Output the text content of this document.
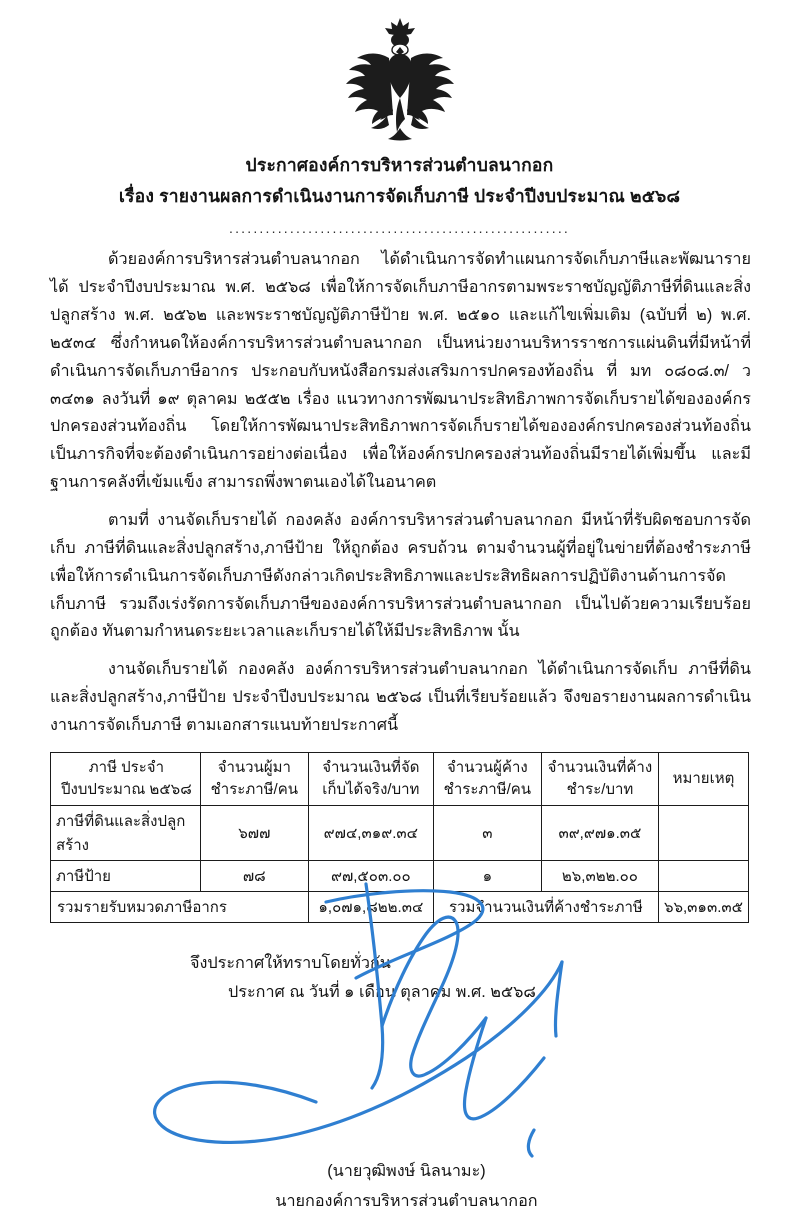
ประกาศองค์การบริหารส่วนตำบลนากอก
เรื่อง รายงานผลการดำเนินงานการจัดเก็บภาษี ประจำปีงบประมาณ ๒๕๖๘
........................................................

ด้วยองค์การบริหารส่วนตำบลนากอก ได้ดำเนินการจัดทำแผนการจัดเก็บภาษีและพัฒนารายได้ ประจำปีงบประมาณ พ.ศ. ๒๕๖๘ เพื่อให้การจัดเก็บภาษีอากรตามพระราชบัญญัติภาษีที่ดินและสิ่งปลูกสร้าง พ.ศ. ๒๕๖๒ และพระราชบัญญัติภาษีป้าย พ.ศ. ๒๕๑๐ และแก้ไขเพิ่มเติม (ฉบับที่ ๒) พ.ศ. ๒๕๓๔ ซึ่งกำหนดให้องค์การบริหารส่วนตำบลนากอก เป็นหน่วยงานบริหารราชการแผ่นดินที่มีหน้าที่ดำเนินการจัดเก็บภาษีอากร ประกอบกับหนังสือกรมส่งเสริมการปกครองท้องถิ่น ที่ มท ๐๘๐๘.๓/ ว ๓๔๓๑ ลงวันที่ ๑๙ ตุลาคม ๒๕๕๒ เรื่อง แนวทางการพัฒนาประสิทธิภาพการจัดเก็บรายได้ขององค์กรปกครองส่วนท้องถิ่น โดยให้การพัฒนาประสิทธิภาพการจัดเก็บรายได้ขององค์กรปกครองส่วนท้องถิ่นเป็นภารกิจที่จะต้องดำเนินการอย่างต่อเนื่อง เพื่อให้องค์กรปกครองส่วนท้องถิ่นมีรายได้เพิ่มขึ้น และมีฐานการคลังที่เข้มแข็ง สามารถพึ่งพาตนเองได้ในอนาคต

ตามที่ งานจัดเก็บรายได้ กองคลัง องค์การบริหารส่วนตำบลนากอก มีหน้าที่รับผิดชอบการจัดเก็บ ภาษีที่ดินและสิ่งปลูกสร้าง,ภาษีป้าย ให้ถูกต้อง ครบถ้วน ตามจำนวนผู้ที่อยู่ในข่ายที่ต้องชำระภาษี เพื่อให้การดำเนินการจัดเก็บภาษีดังกล่าวเกิดประสิทธิภาพและประสิทธิผลการปฏิบัติงานด้านการจัดเก็บภาษี รวมถึงเร่งรัดการจัดเก็บภาษีขององค์การบริหารส่วนตำบลนากอก เป็นไปด้วยความเรียบร้อย ถูกต้อง ทันตามกำหนดระยะเวลาและเก็บรายได้ให้มีประสิทธิภาพ นั้น

งานจัดเก็บรายได้ กองคลัง องค์การบริหารส่วนตำบลนากอก ได้ดำเนินการจัดเก็บ ภาษีที่ดินและสิ่งปลูกสร้าง,ภาษีป้าย ประจำปีงบประมาณ ๒๕๖๘ เป็นที่เรียบร้อยแล้ว จึงขอรายงานผลการดำเนินงานการจัดเก็บภาษี ตามเอกสารแนบท้ายประกาศนี้

ภาษี ประจำปีงบประมาณ ๒๕๖๘	จำนวนผู้มาชำระภาษี/คน	จำนวนเงินที่จัดเก็บได้จริง/บาท	จำนวนผู้ค้างชำระภาษี/คน	จำนวนเงินที่ค้างชำระ/บาท	หมายเหตุ
ภาษีที่ดินและสิ่งปลูกสร้าง	๖๗๗	๙๗๔,๓๑๙.๓๔	๓	๓๙,๙๗๑.๓๕	
ภาษีป้าย	๗๘	๙๗,๕๐๓.๐๐	๑	๒๖,๓๒๒.๐๐	
รวมรายรับหมวดภาษีอากร		๑,๐๗๑,๘๒๒.๓๔	รวมจำนวนเงินที่ค้างชำระภาษี		๖๖,๓๑๓.๓๕
จึงประกาศให้ทราบโดยทั่วกัน
ประกาศ ณ วันที่ ๑ เดือน ตุลาคม พ.ศ. ๒๕๖๘
(นายวุฒิพงษ์ นิลนามะ)
นายกองค์การบริหารส่วนตำบลนากอก
